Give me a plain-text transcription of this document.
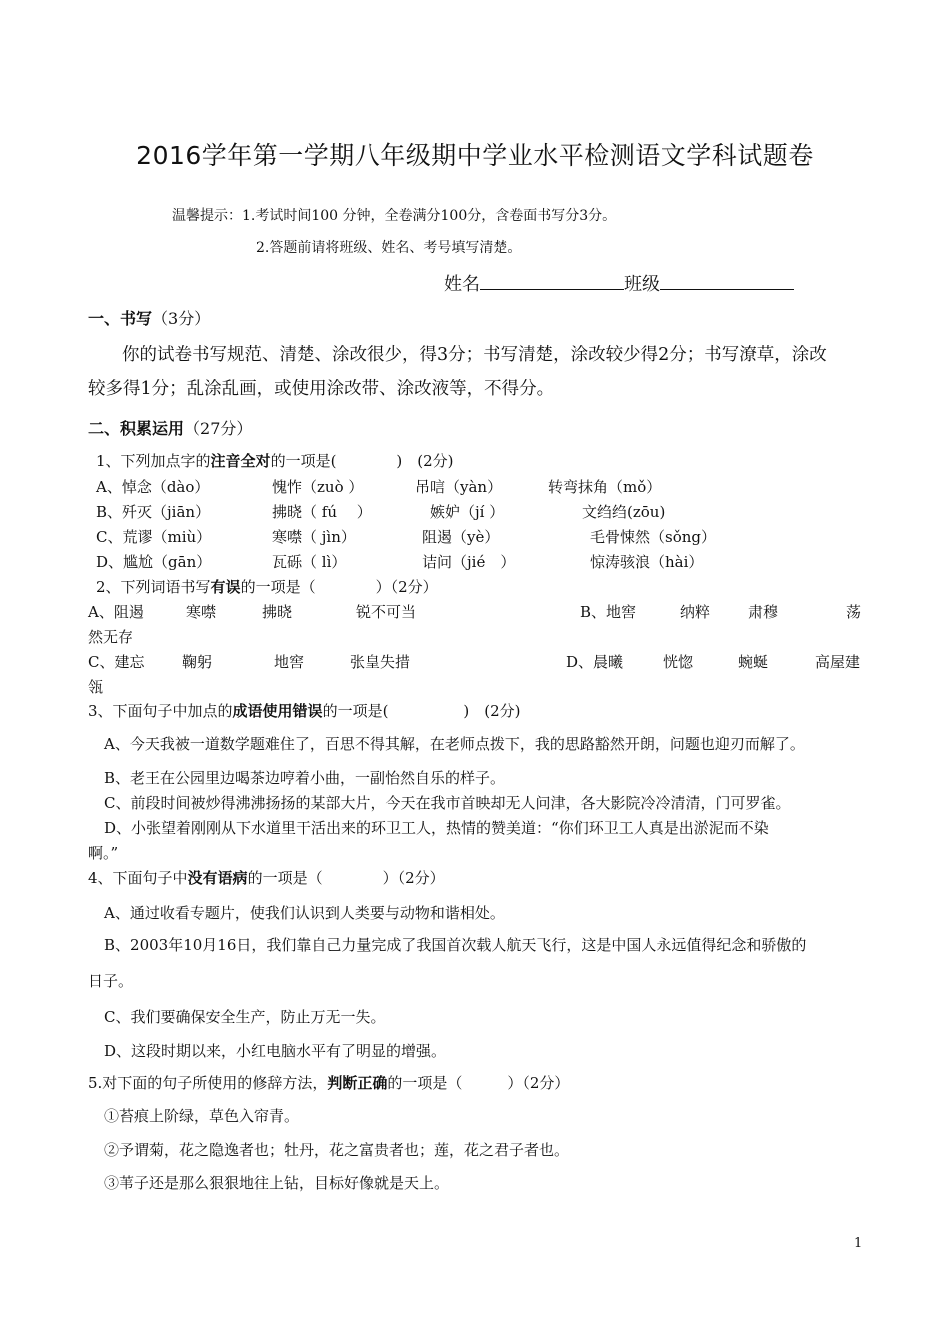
2016学年第一学期八年级期中学业水平检测语文学科试题卷
温馨提示：1.考试时间100 分钟，全卷满分100分，含卷面书写分3分。
2.答题前请将班级、姓名、考号填写清楚。
姓名	班级
一、书写（3分）
你的试卷书写规范、清楚、涂改很少，得3分；书写清楚，涂改较少得2分；书写潦草，涂改
较多得1分；乱涂乱画，或使用涂改带、涂改液等，不得分。
二、积累运用（27分）
1、下列加点字的注音全对的一项是(　　　　)　(2分)
A、悼念（dào）	愧怍（zuò ）	吊唁（yàn）	转弯抹角（mǒ）
B、歼灭（jiān）	拂晓（ fú　 ）	嫉妒（jí ）	文绉绉(zōu)
C、荒谬（miù）	寒噤（ jìn）	阻遏（yè）	毛骨悚然（sǒng）
D、尴尬（gān）	瓦砾（ lì）	诘问（jié　）	惊涛骇浪（hài）
2、下列词语书写有误的一项是（　　　　）（2分）
A、阻遏	寒噤	拂晓	锐不可当	B、地窖	纳粹	肃穆	荡
然无存
C、建忘	鞠躬	地窖	张皇失措	D、晨曦	恍惚	蜿蜒	高屋建
瓴
3、下面句子中加点的成语使用错误的一项是(　　　　　)　(2分)
A、今天我被一道数学题难住了，百思不得其解，在老师点拨下，我的思路豁然开朗，问题也迎刃而解了。
B、老王在公园里边喝茶边哼着小曲，一副怡然自乐的样子。
C、前段时间被炒得沸沸扬扬的某部大片，今天在我市首映却无人问津，各大影院冷冷清清，门可罗雀。
D、小张望着刚刚从下水道里干活出来的环卫工人，热情的赞美道：“你们环卫工人真是出淤泥而不染
啊。”
4、下面句子中没有语病的一项是（　　　　）（2分）
A、通过收看专题片，使我们认识到人类要与动物和谐相处。
B、2003年10月16日，我们靠自己力量完成了我国首次载人航天飞行，这是中国人永远值得纪念和骄傲的
日子。
C、我们要确保安全生产，防止万无一失。
D、这段时期以来，小红电脑水平有了明显的增强。
5.对下面的句子所使用的修辞方法，判断正确的一项是（　　　）（2分）
①苔痕上阶绿，草色入帘青。
②予谓菊，花之隐逸者也；牡丹，花之富贵者也；莲，花之君子者也。
③苇子还是那么狠狠地往上钻，目标好像就是天上。
1
